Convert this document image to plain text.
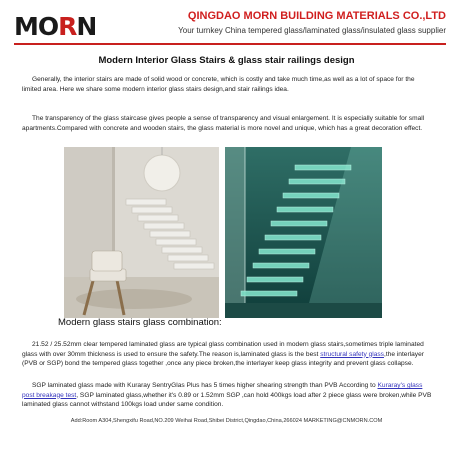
MORN	QINGDAO MORN BUILDING MATERIALS CO.,LTD
Your turnkey China tempered glass/laminated glass/insulated glass supplier
Modern Interior Glass Stairs & glass stair railings design
Generally, the interior stairs are made of solid wood or concrete, which is costly and take much time,as well as a lot of space for the limited area. Here we share some modern interior glass stairs design,and stair railings idea.
The transparency of the glass staircase gives people a sense of transparency and visual enlargement. It is especially suitable for small apartments.Compared with concrete and wooden stairs, the glass material is more novel and unique, which has a great decoration effect.
Modern glass stairs glass combination:
21.52 / 25.52mm clear tempered laminated glass are typical glass combination used in modern glass stairs,sometimes triple laminated glass with over 30mm thickness is used to ensure the safety.The reason is,laminated glass is the best structural safety glass,the interlayer (PVB or SGP) bond the tempered glass together ,once any piece broken,the interlayer keep glass integrity and prevent glass collapse.
SGP laminated glass made with Kuraray SentryGlas Plus has 5 times higher shearing strength than PVB According to Kuraray's glass post breakage test, SGP laminated glass,whether it's 0.89 or 1.52mm SGP ,can hold 400kgs load after 2 piece glass were broken,while PVB laminated glass cannot withstand 100kgs load under same condition.
Add:Room A304,Shengxifu Road,NO.209 Weihai Road,Shibei District,Qingdao,China,266024 MARKETING@CNMORN.COM
